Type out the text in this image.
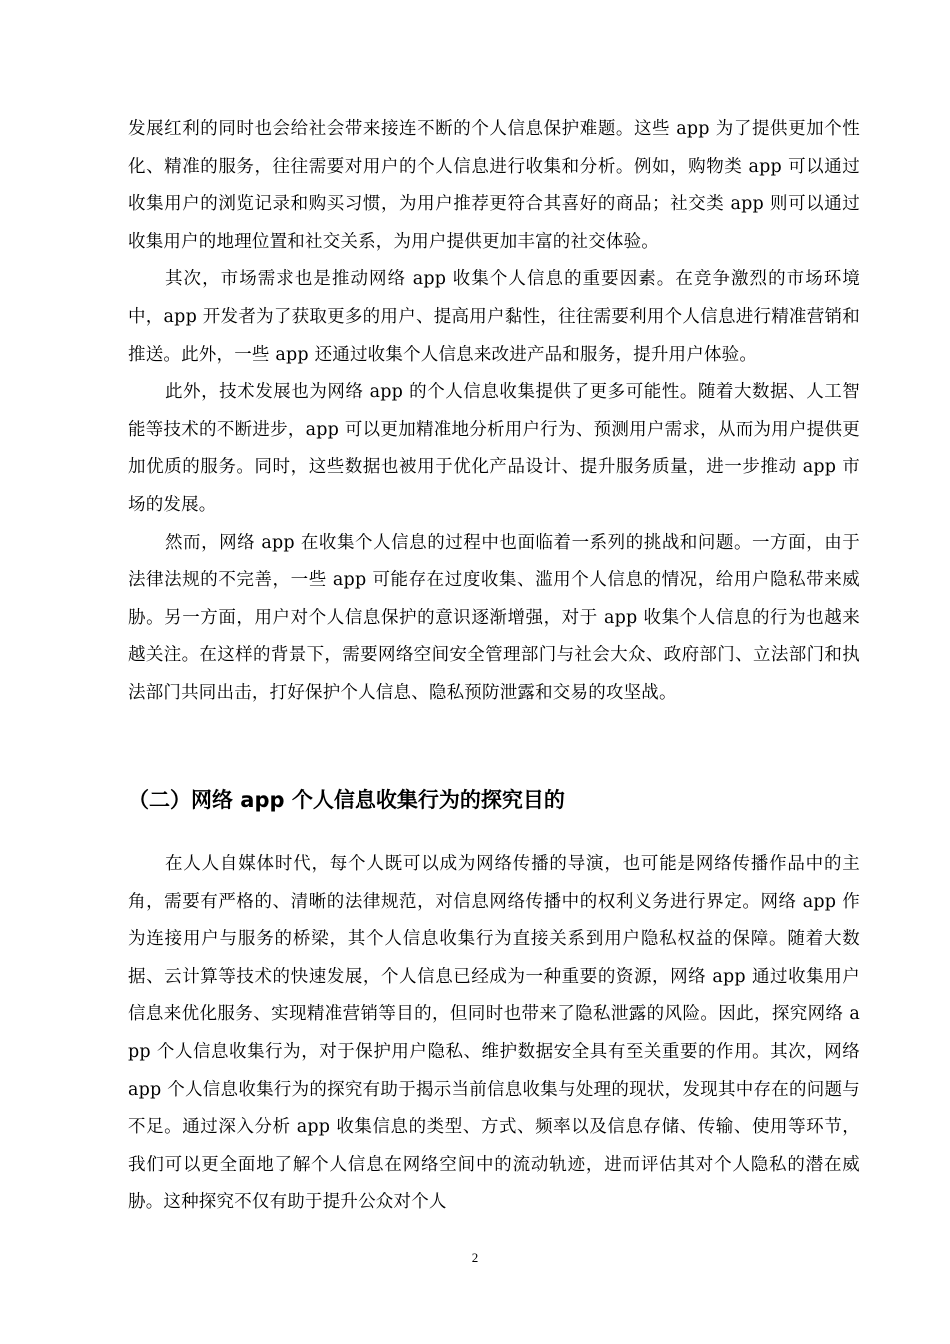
发展红利的同时也会给社会带来接连不断的个人信息保护难题。这些 app 为了提供更加个性化、精准的服务，往往需要对用户的个人信息进行收集和分析。例如，购物类 app 可以通过收集用户的浏览记录和购买习惯，为用户推荐更符合其喜好的商品；社交类 app 则可以通过收集用户的地理位置和社交关系，为用户提供更加丰富的社交体验。

其次，市场需求也是推动网络 app 收集个人信息的重要因素。在竞争激烈的市场环境中，app 开发者为了获取更多的用户、提高用户黏性，往往需要利用个人信息进行精准营销和推送。此外，一些 app 还通过收集个人信息来改进产品和服务，提升用户体验。

此外，技术发展也为网络 app 的个人信息收集提供了更多可能性。随着大数据、人工智能等技术的不断进步，app 可以更加精准地分析用户行为、预测用户需求，从而为用户提供更加优质的服务。同时，这些数据也被用于优化产品设计、提升服务质量，进一步推动 app 市场的发展。

然而，网络 app 在收集个人信息的过程中也面临着一系列的挑战和问题。一方面，由于法律法规的不完善，一些 app 可能存在过度收集、滥用个人信息的情况，给用户隐私带来威胁。另一方面，用户对个人信息保护的意识逐渐增强，对于 app 收集个人信息的行为也越来越关注。在这样的背景下，需要网络空间安全管理部门与社会大众、政府部门、立法部门和执法部门共同出击，打好保护个人信息、隐私预防泄露和交易的攻坚战。

（二）网络 app 个人信息收集行为的探究目的

在人人自媒体时代，每个人既可以成为网络传播的导演，也可能是网络传播作品中的主角，需要有严格的、清晰的法律规范，对信息网络传播中的权利义务进行界定。网络 app 作为连接用户与服务的桥梁，其个人信息收集行为直接关系到用户隐私权益的保障。随着大数据、云计算等技术的快速发展，个人信息已经成为一种重要的资源，网络 app 通过收集用户信息来优化服务、实现精准营销等目的，但同时也带来了隐私泄露的风险。因此，探究网络 app 个人信息收集行为，对于保护用户隐私、维护数据安全具有至关重要的作用。其次，网络 app 个人信息收集行为的探究有助于揭示当前信息收集与处理的现状，发现其中存在的问题与不足。通过深入分析 app 收集信息的类型、方式、频率以及信息存储、传输、使用等环节，我们可以更全面地了解个人信息在网络空间中的流动轨迹，进而评估其对个人隐私的潜在威胁。这种探究不仅有助于提升公众对个人

2
